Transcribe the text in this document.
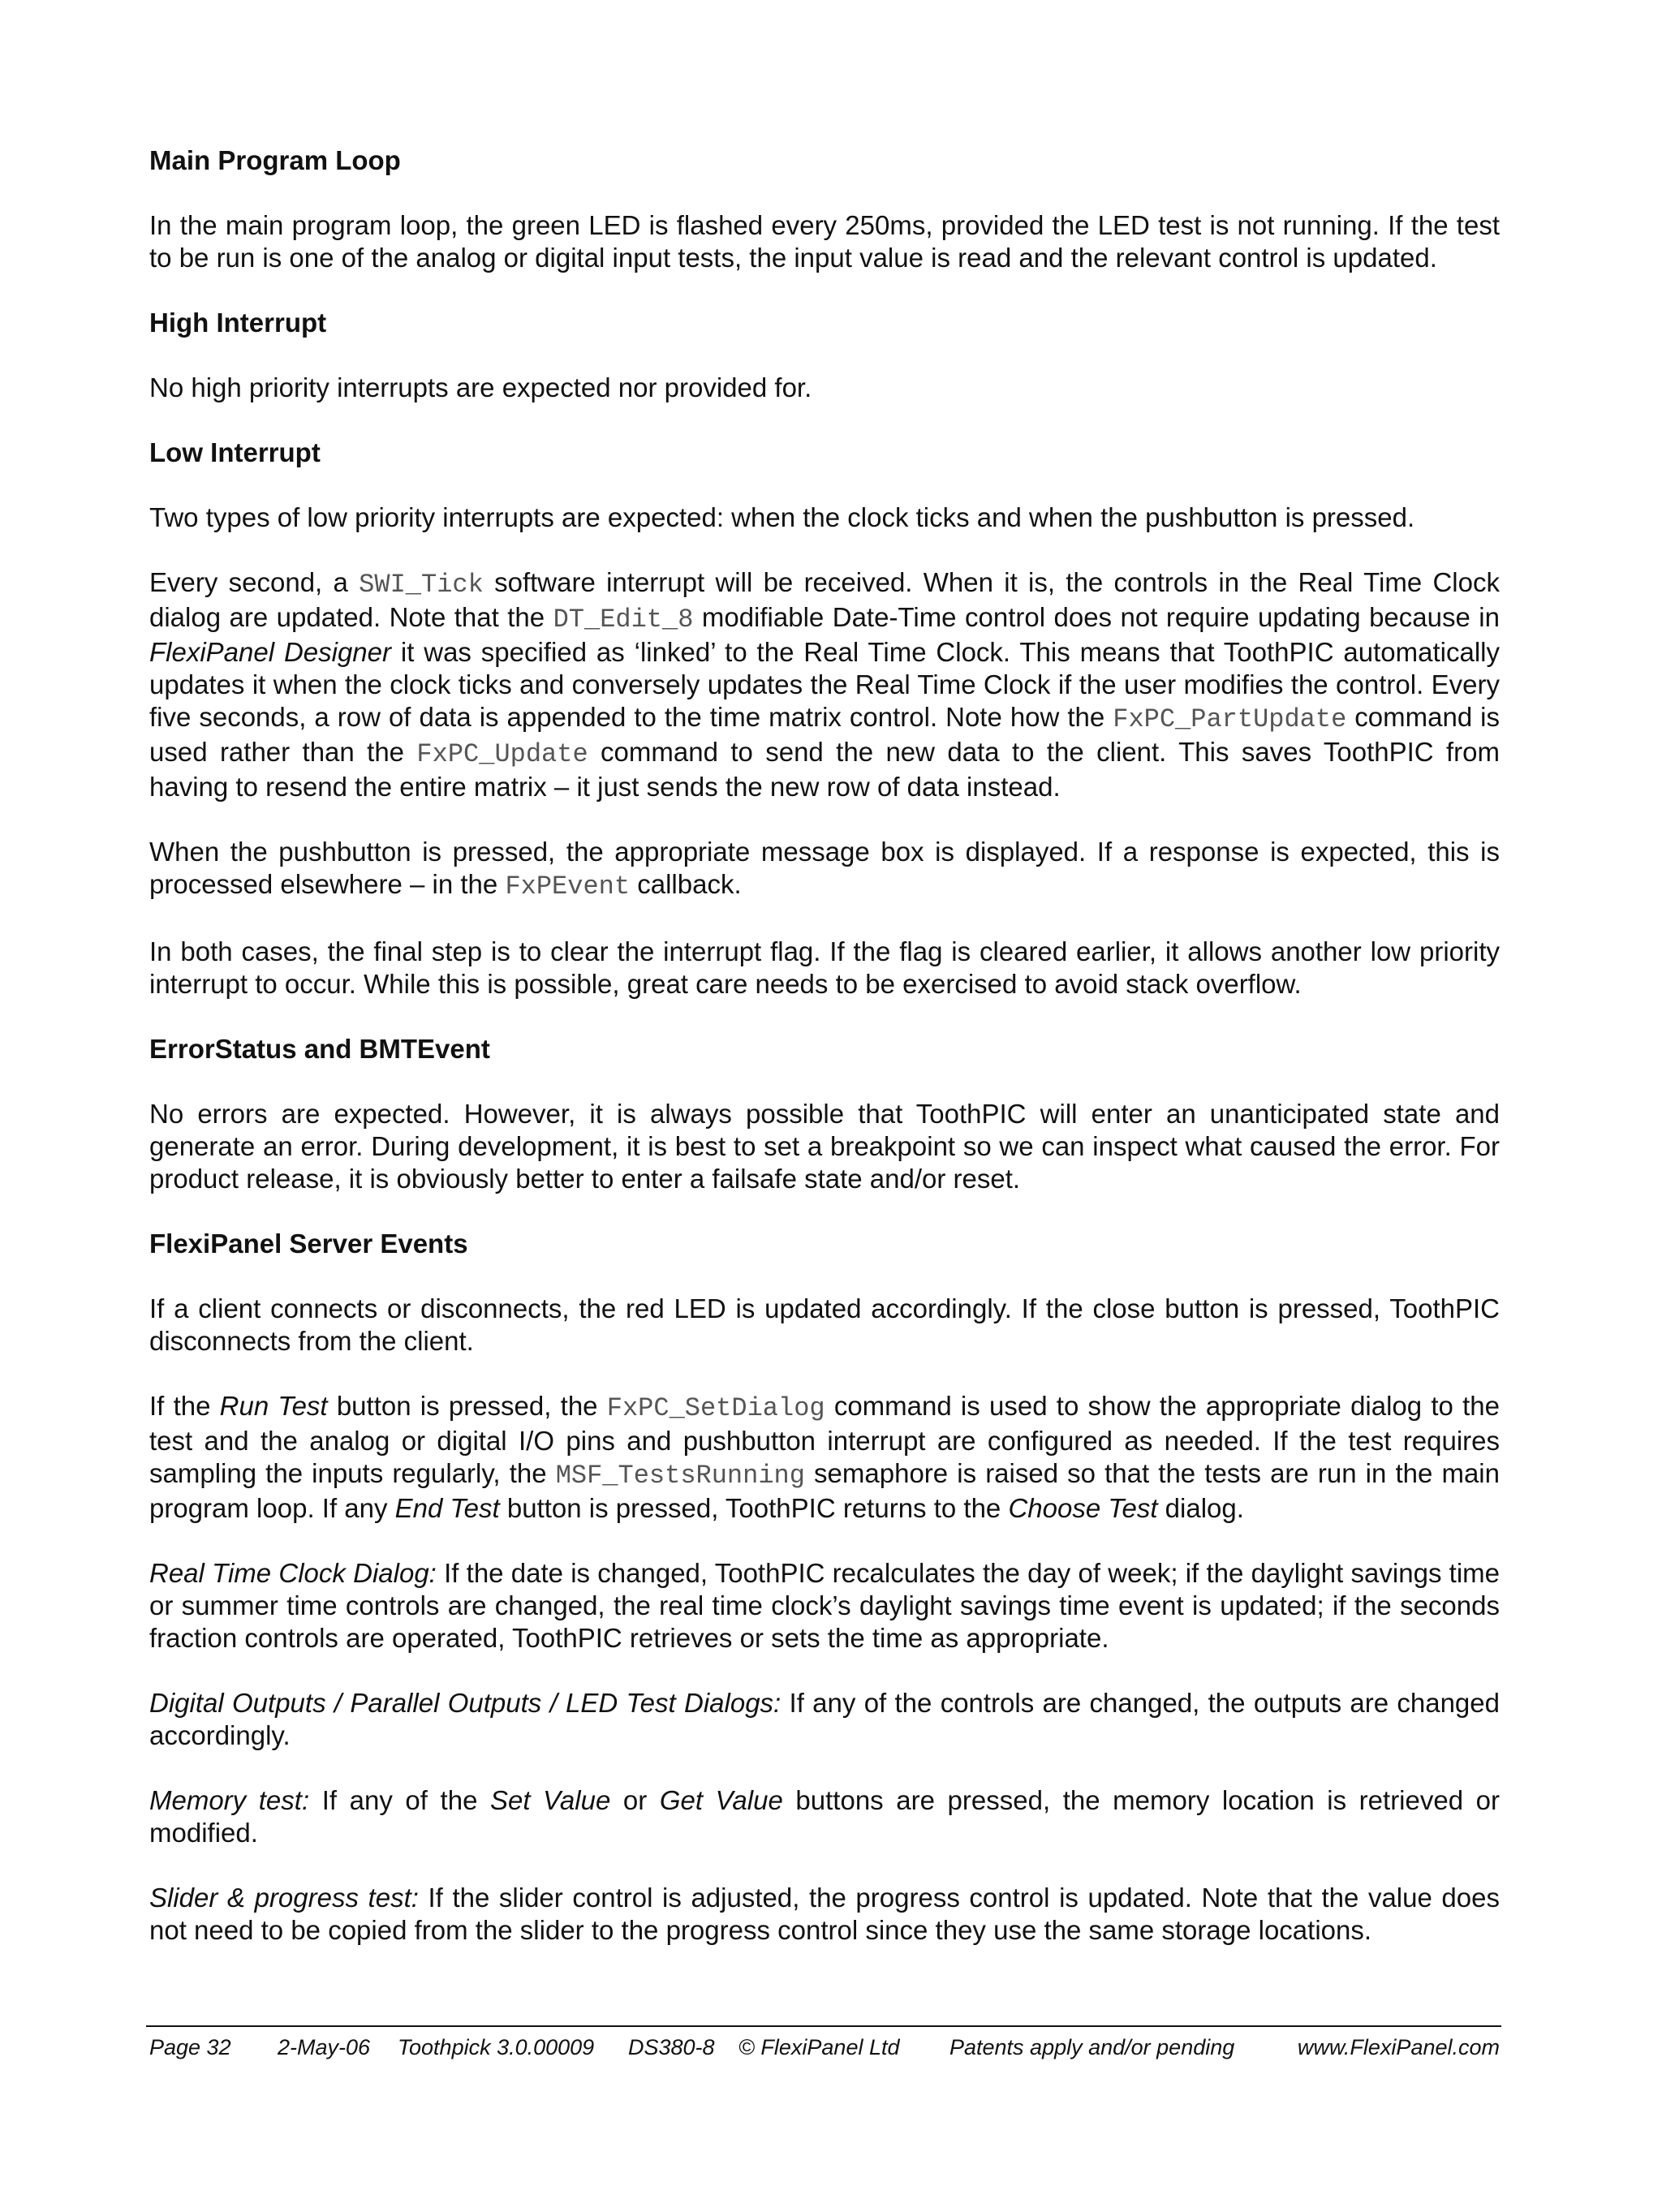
Main Program Loop

In the main program loop, the green LED is flashed every 250ms, provided the LED test is not running. If the test to be run is one of the analog or digital input tests, the input value is read and the relevant control is updated.

High Interrupt

No high priority interrupts are expected nor provided for.

Low Interrupt

Two types of low priority interrupts are expected: when the clock ticks and when the pushbutton is pressed.

Every second, a SWI_Tick software interrupt will be received. When it is, the controls in the Real Time Clock dialog are updated. Note that the DT_Edit_8 modifiable Date-Time control does not require updating because in FlexiPanel Designer it was specified as ‘linked’ to the Real Time Clock. This means that ToothPIC automatically updates it when the clock ticks and conversely updates the Real Time Clock if the user modifies the control. Every five seconds, a row of data is appended to the time matrix control. Note how the FxPC_PartUpdate command is used rather than the FxPC_Update command to send the new data to the client. This saves ToothPIC from having to resend the entire matrix – it just sends the new row of data instead.

When the pushbutton is pressed, the appropriate message box is displayed. If a response is expected, this is processed elsewhere – in the FxPEvent callback.

In both cases, the final step is to clear the interrupt flag. If the flag is cleared earlier, it allows another low priority interrupt to occur. While this is possible, great care needs to be exercised to avoid stack overflow.

ErrorStatus and BMTEvent

No errors are expected. However, it is always possible that ToothPIC will enter an unanticipated state and generate an error. During development, it is best to set a breakpoint so we can inspect what caused the error. For product release, it is obviously better to enter a failsafe state and/or reset.

FlexiPanel Server Events

If a client connects or disconnects, the red LED is updated accordingly. If the close button is pressed, ToothPIC disconnects from the client.

If the Run Test button is pressed, the FxPC_SetDialog command is used to show the appropriate dialog to the test and the analog or digital I/O pins and pushbutton interrupt are configured as needed. If the test requires sampling the inputs regularly, the MSF_TestsRunning semaphore is raised so that the tests are run in the main program loop. If any End Test button is pressed, ToothPIC returns to the Choose Test dialog.

Real Time Clock Dialog: If the date is changed, ToothPIC recalculates the day of week; if the daylight savings time or summer time controls are changed, the real time clock’s daylight savings time event is updated; if the seconds fraction controls are operated, ToothPIC retrieves or sets the time as appropriate.

Digital Outputs / Parallel Outputs / LED Test Dialogs: If any of the controls are changed, the outputs are changed accordingly.

Memory test: If any of the Set Value or Get Value buttons are pressed, the memory location is retrieved or modified.

Slider & progress test: If the slider control is adjusted, the progress control is updated. Note that the value does not need to be copied from the slider to the progress control since they use the same storage locations.

Page 32 2-May-06 Toothpick 3.0.00009 DS380-8 © FlexiPanel Ltd Patents apply and/or pending	www.FlexiPanel.com
